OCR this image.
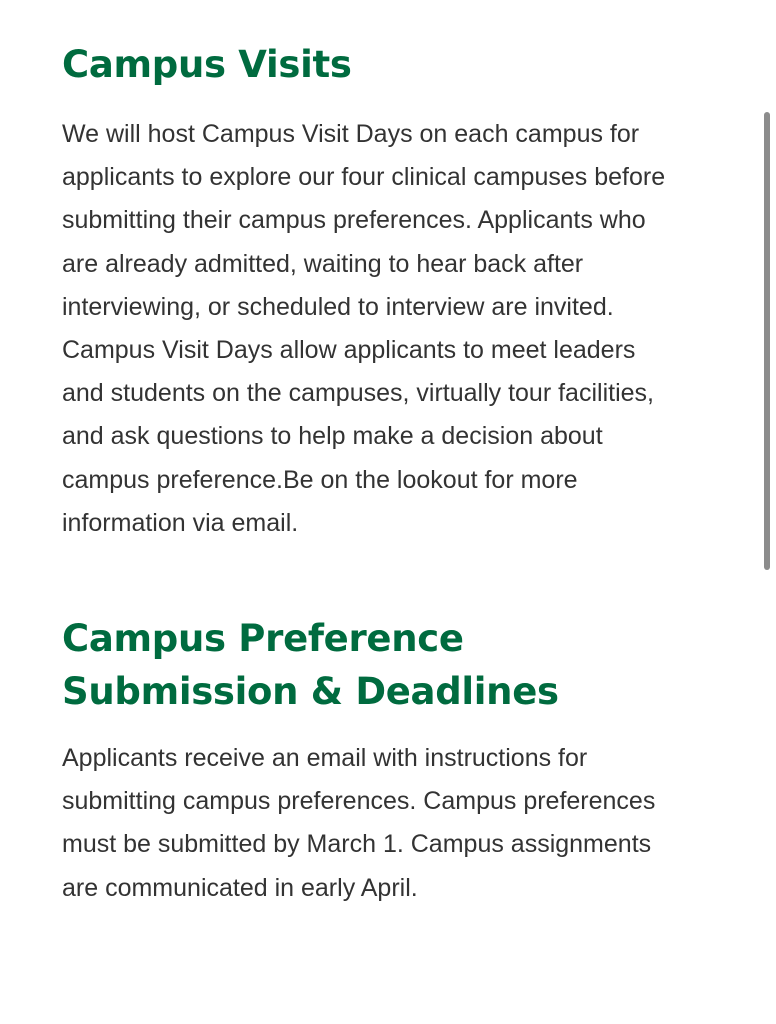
Campus Visits

We will host Campus Visit Days on each campus for applicants to explore our four clinical campuses before submitting their campus preferences. Applicants who are already admitted, waiting to hear back after interviewing, or scheduled to interview are invited. Campus Visit Days allow applicants to meet leaders and students on the campuses, virtually tour facilities, and ask questions to help make a decision about campus preference.Be on the lookout for more information via email.

Campus Preference Submission & Deadlines

Applicants receive an email with instructions for submitting campus preferences. Campus preferences must be submitted by March 1. Campus assignments are communicated in early April.
